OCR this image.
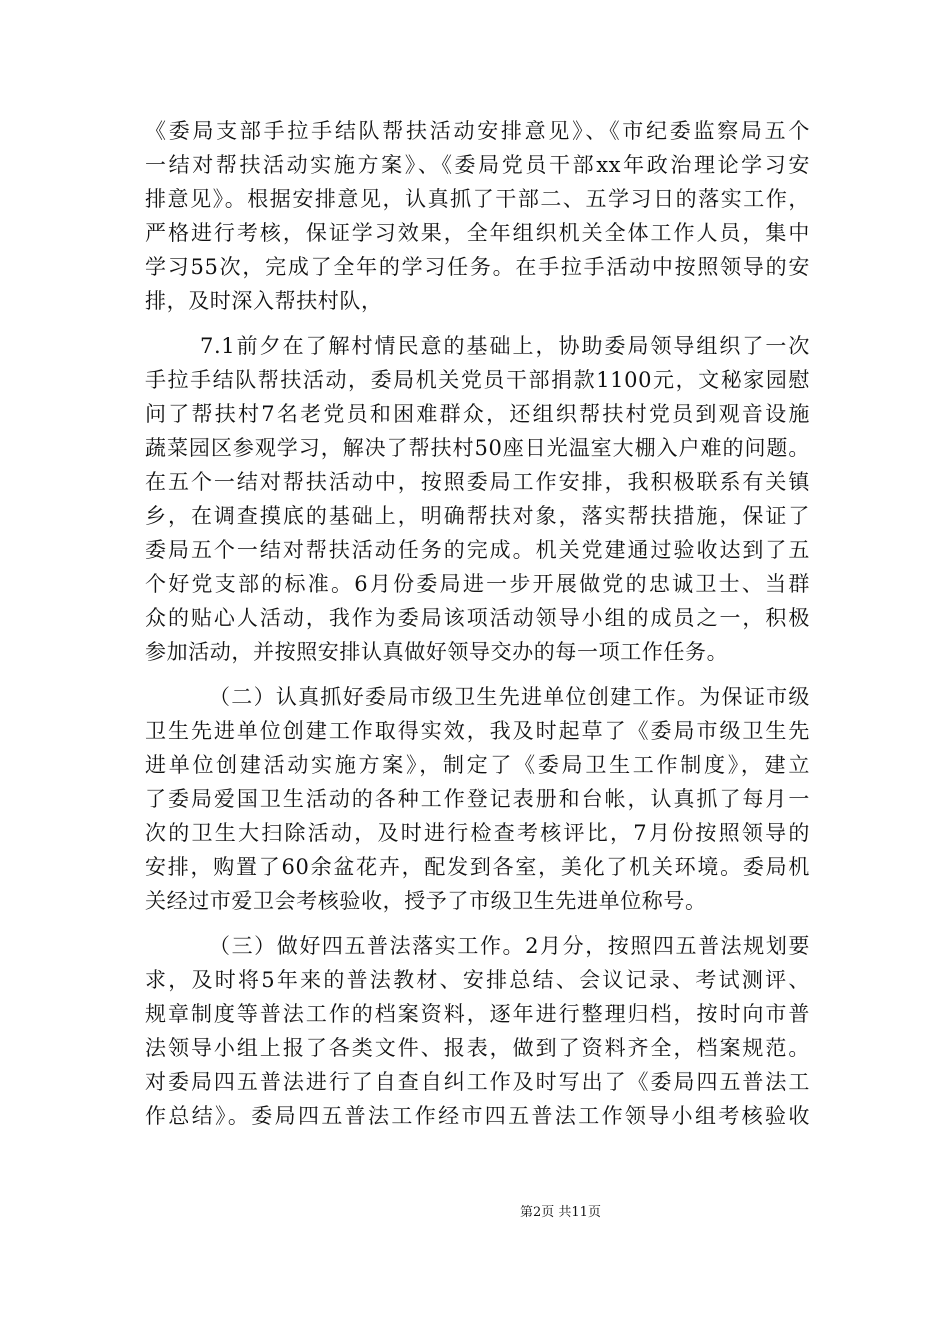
《委局支部手拉手结队帮扶活动安排意见》、《市纪委监察局五个
一结对帮扶活动实施方案》、《委局党员干部xx年政治理论学习安
排意见》。根据安排意见，认真抓了干部二、五学习日的落实工作，
严格进行考核，保证学习效果，全年组织机关全体工作人员，集中
学习55次，完成了全年的学习任务。在手拉手活动中按照领导的安
排，及时深入帮扶村队，

7.1前夕在了解村情民意的基础上，协助委局领导组织了一次
手拉手结队帮扶活动，委局机关党员干部捐款1100元，文秘家园慰
问了帮扶村7名老党员和困难群众，还组织帮扶村党员到观音设施
蔬菜园区参观学习，解决了帮扶村50座日光温室大棚入户难的问题。
在五个一结对帮扶活动中，按照委局工作安排，我积极联系有关镇
乡，在调查摸底的基础上，明确帮扶对象，落实帮扶措施，保证了
委局五个一结对帮扶活动任务的完成。机关党建通过验收达到了五
个好党支部的标准。6月份委局进一步开展做党的忠诚卫士、当群
众的贴心人活动，我作为委局该项活动领导小组的成员之一，积极
参加活动，并按照安排认真做好领导交办的每一项工作任务。

（二）认真抓好委局市级卫生先进单位创建工作。为保证市级
卫生先进单位创建工作取得实效，我及时起草了《委局市级卫生先
进单位创建活动实施方案》，制定了《委局卫生工作制度》，建立
了委局爱国卫生活动的各种工作登记表册和台帐，认真抓了每月一
次的卫生大扫除活动，及时进行检查考核评比，7月份按照领导的
安排，购置了60余盆花卉，配发到各室，美化了机关环境。委局机
关经过市爱卫会考核验收，授予了市级卫生先进单位称号。

（三）做好四五普法落实工作。2月分，按照四五普法规划要
求，及时将5年来的普法教材、安排总结、会议记录、考试测评、
规章制度等普法工作的档案资料，逐年进行整理归档，按时向市普
法领导小组上报了各类文件、报表，做到了资料齐全，档案规范。
对委局四五普法进行了自查自纠工作及时写出了《委局四五普法工
作总结》。委局四五普法工作经市四五普法工作领导小组考核验收

第2页 共11页
